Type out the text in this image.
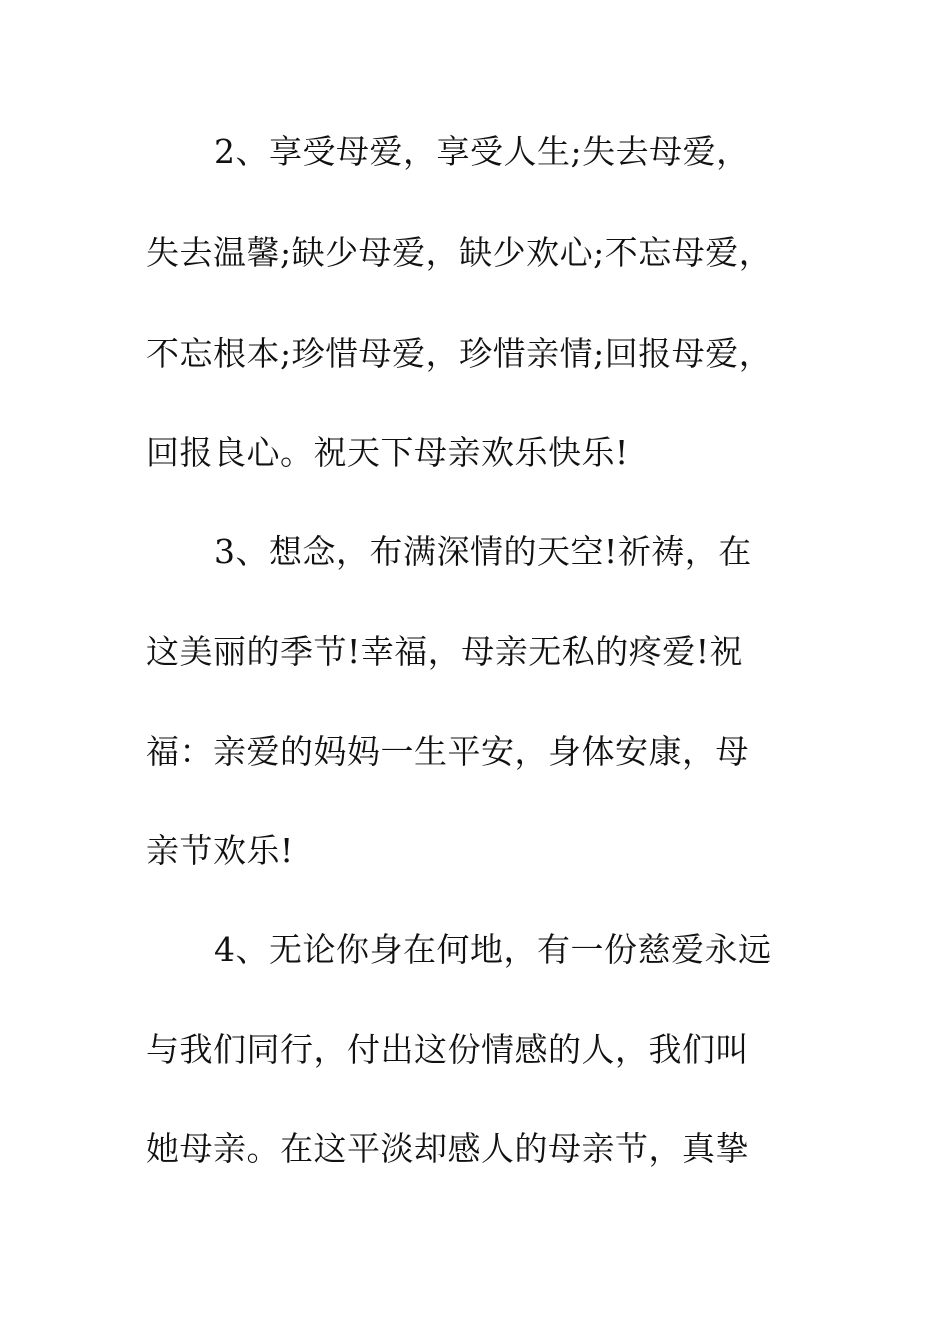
2、享受母爱，享受人生;失去母爱，
失去温馨;缺少母爱，缺少欢心;不忘母爱，
不忘根本;珍惜母爱，珍惜亲情;回报母爱，
回报良心。祝天下母亲欢乐快乐!
3、想念，布满深情的天空!祈祷，在
这美丽的季节!幸福，母亲无私的疼爱!祝
福：亲爱的妈妈一生平安，身体安康，母
亲节欢乐!
4、无论你身在何地，有一份慈爱永远
与我们同行，付出这份情感的人，我们叫
她母亲。在这平淡却感人的母亲节，真挚
